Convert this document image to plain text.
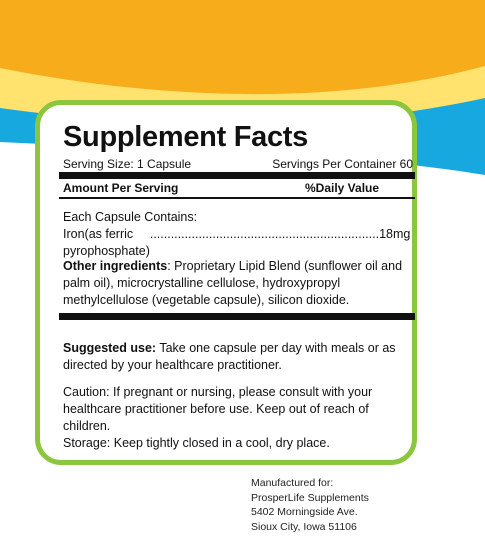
Supplement Facts
Serving Size: 1 Capsule	Servings Per Container 60
Amount Per Serving	%Daily Value
Each Capsule Contains:
Iron(as ferric pyrophosphate)
.................................................................. 18mg
Other ingredients: Proprietary Lipid Blend (sunflower oil and palm oil), microcrystalline cellulose, hydroxypropyl methylcellulose (vegetable capsule), silicon dioxide.
Suggested use: Take one capsule per day with meals or as directed by your healthcare practitioner.
Caution: If pregnant or nursing, please consult with your healthcare practitioner before use. Keep out of reach of children.
Storage: Keep tightly closed in a cool, dry place.
Manufactured for:
ProsperLife Supplements
5402 Morningside Ave.
Sioux City, Iowa 51106
